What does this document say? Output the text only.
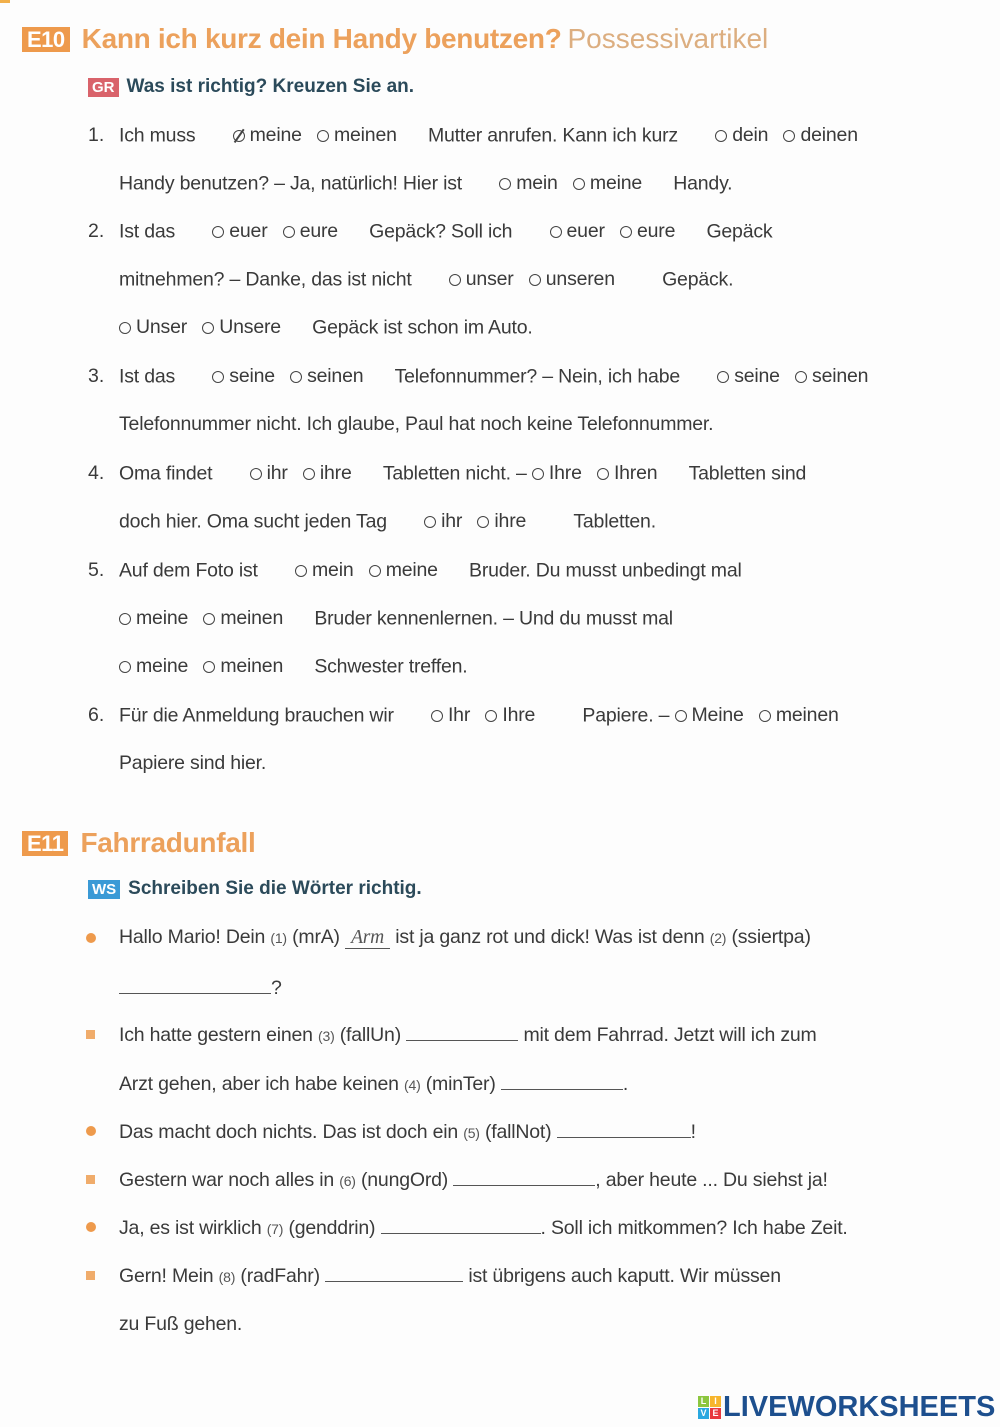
E10 Kann ich kurz dein Handy benutzen? Possessivartikel
GR Was ist richtig? Kreuzen Sie an.
1. Ich muss	meine
meinen Mutter anrufen. Kann ich kurz	dein
deinen
Handy benutzen? – Ja, natürlich! Hier ist	mein
meine Handy.
2. Ist das	euer
eure Gepäck? Soll ich	euer
eure Gepäck
mitnehmen? – Danke, das ist nicht	unser
unseren Gepäck.
Unser
Unsere Gepäck ist schon im Auto.
3. Ist das	seine
seinen Telefonnummer? – Nein, ich habe	seine
seinen
Telefonnummer nicht. Ich glaube, Paul hat noch keine Telefonnummer.
4. Oma findet	ihr
ihre Tabletten nicht. – Ihre
Ihren Tabletten sind
doch hier. Oma sucht jeden Tag	ihr
ihre Tabletten.
5. Auf dem Foto ist	mein
meine Bruder. Du musst unbedingt mal
meine
meinen Bruder kennenlernen. – Und du musst mal
meine
meinen Schwester treffen.
6. Für die Anmeldung brauchen wir	Ihr
Ihre Papiere. – Meine
meinen
Papiere sind hier.
E11 Fahrradunfall
WS Schreiben Sie die Wörter richtig.
Hallo Mario! Dein (1) (mrA) Arm ist ja ganz rot und dick! Was ist denn (2) (ssiertpa)
?
Ich hatte gestern einen (3) (fallUn)	mit dem Fahrrad. Jetzt will ich zum
Arzt gehen, aber ich habe keinen (4) (minTer)	.
Das macht doch nichts. Das ist doch ein (5) (fallNot)	!
Gestern war noch alles in (6) (nungOrd)	, aber heute ... Du siehst ja!
Ja, es ist wirklich (7) (genddrin)	. Soll ich mitkommen? Ich habe Zeit.
Gern! Mein (8) (radFahr)	ist übrigens auch kaputt. Wir müssen
zu Fuß gehen.
L I
V E LIVEWORKSHEETS
